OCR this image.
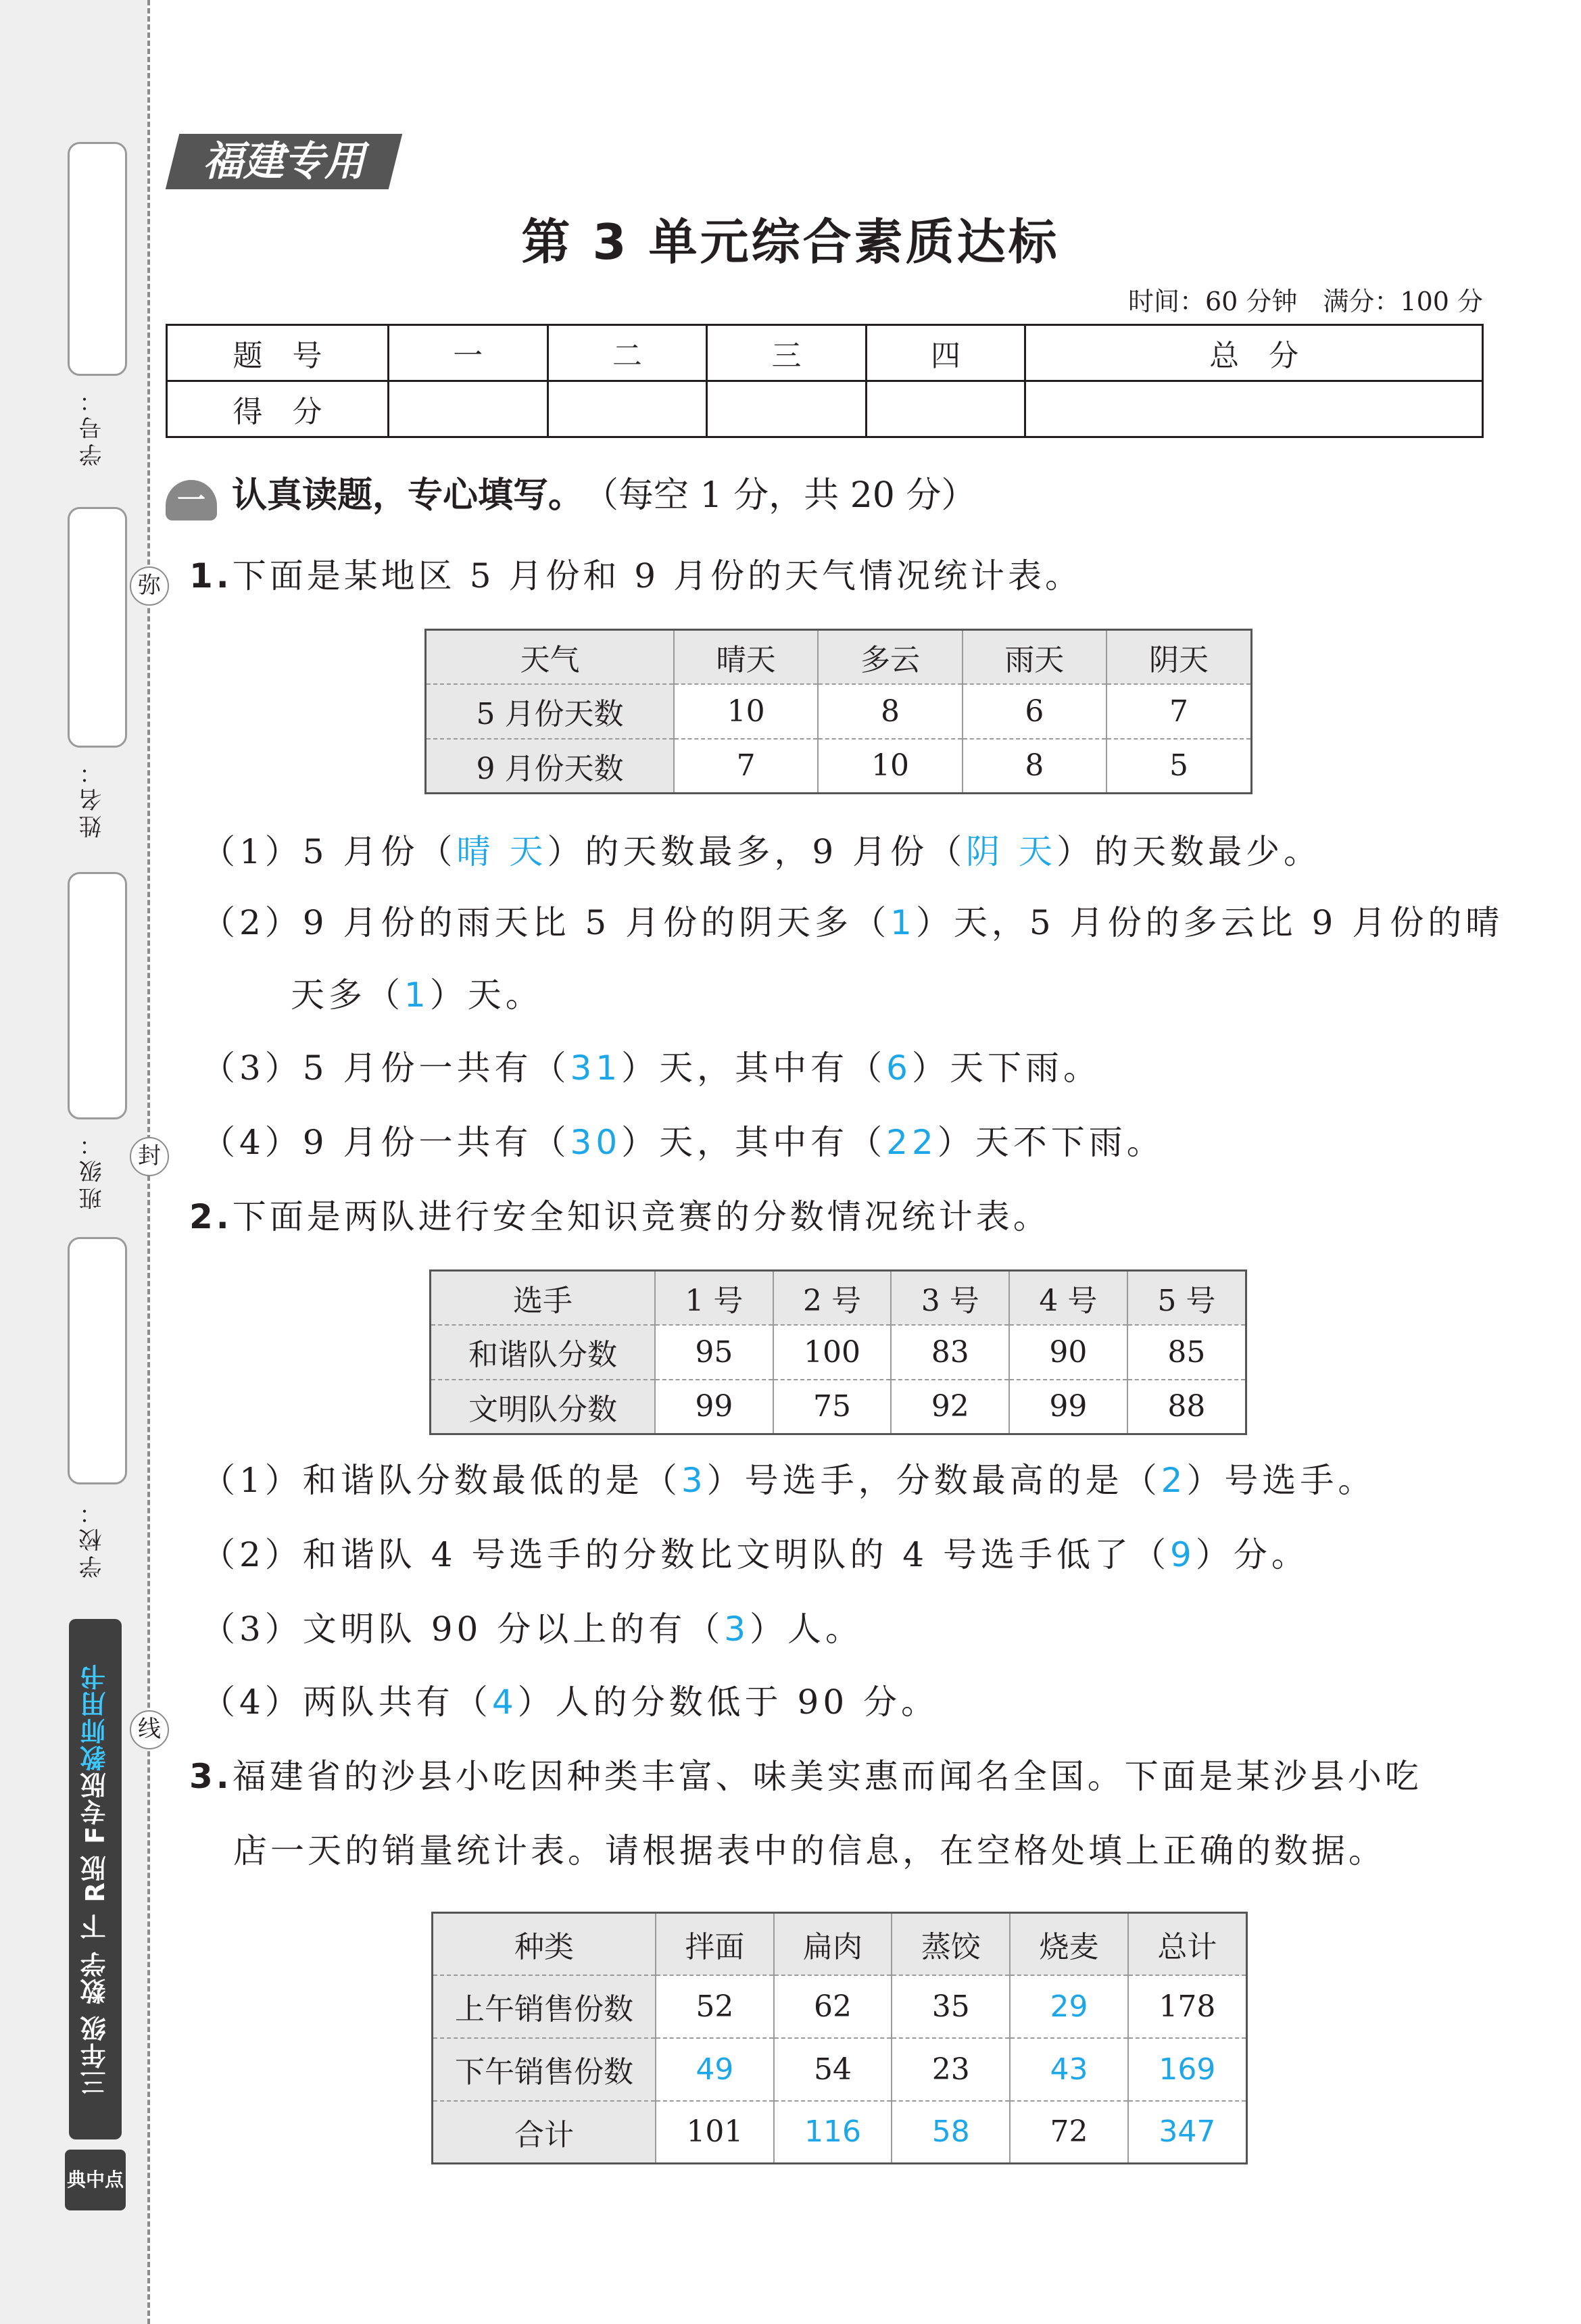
学号：
姓名：
班级：
学校：
弥
封
线
三年级 数学 下 R版 F专版教师用书
典中点
福建专用
第 3 单元综合素质达标
时间：60 分钟　满分：100 分
题　号	一	二	三	四	总　分
得　分					
一 认真读题，专心填写。 （每空 1 分，共 20 分）
1.下面是某地区 5 月份和 9 月份的天气情况统计表。
天气	晴天	多云	雨天	阴天
5 月份天数	10	8	6	7
9 月份天数	7	10	8	5
（1）5 月份（晴 天）的天数最多，9 月份（阴 天）的天数最少。
（2）9 月份的雨天比 5 月份的阴天多（1）天，5 月份的多云比 9 月份的晴
天多（1）天。
（3）5 月份一共有（31）天，其中有（6）天下雨。
（4）9 月份一共有（30）天，其中有（22）天不下雨。
2.下面是两队进行安全知识竞赛的分数情况统计表。
选手	1 号	2 号	3 号	4 号	5 号
和谐队分数	95	100	83	90	85
文明队分数	99	75	92	99	88
（1）和谐队分数最低的是（3）号选手，分数最高的是（2）号选手。
（2）和谐队 4 号选手的分数比文明队的 4 号选手低了（9）分。
（3）文明队 90 分以上的有（3）人。
（4）两队共有（4）人的分数低于 90 分。
3.福建省的沙县小吃因种类丰富、味美实惠而闻名全国。下面是某沙县小吃
店一天的销量统计表。请根据表中的信息，在空格处填上正确的数据。
种类	拌面	扁肉	蒸饺	烧麦	总计
上午销售份数	52	62	35	29	178
下午销售份数	49	54	23	43	169
合计	101	116	58	72	347
